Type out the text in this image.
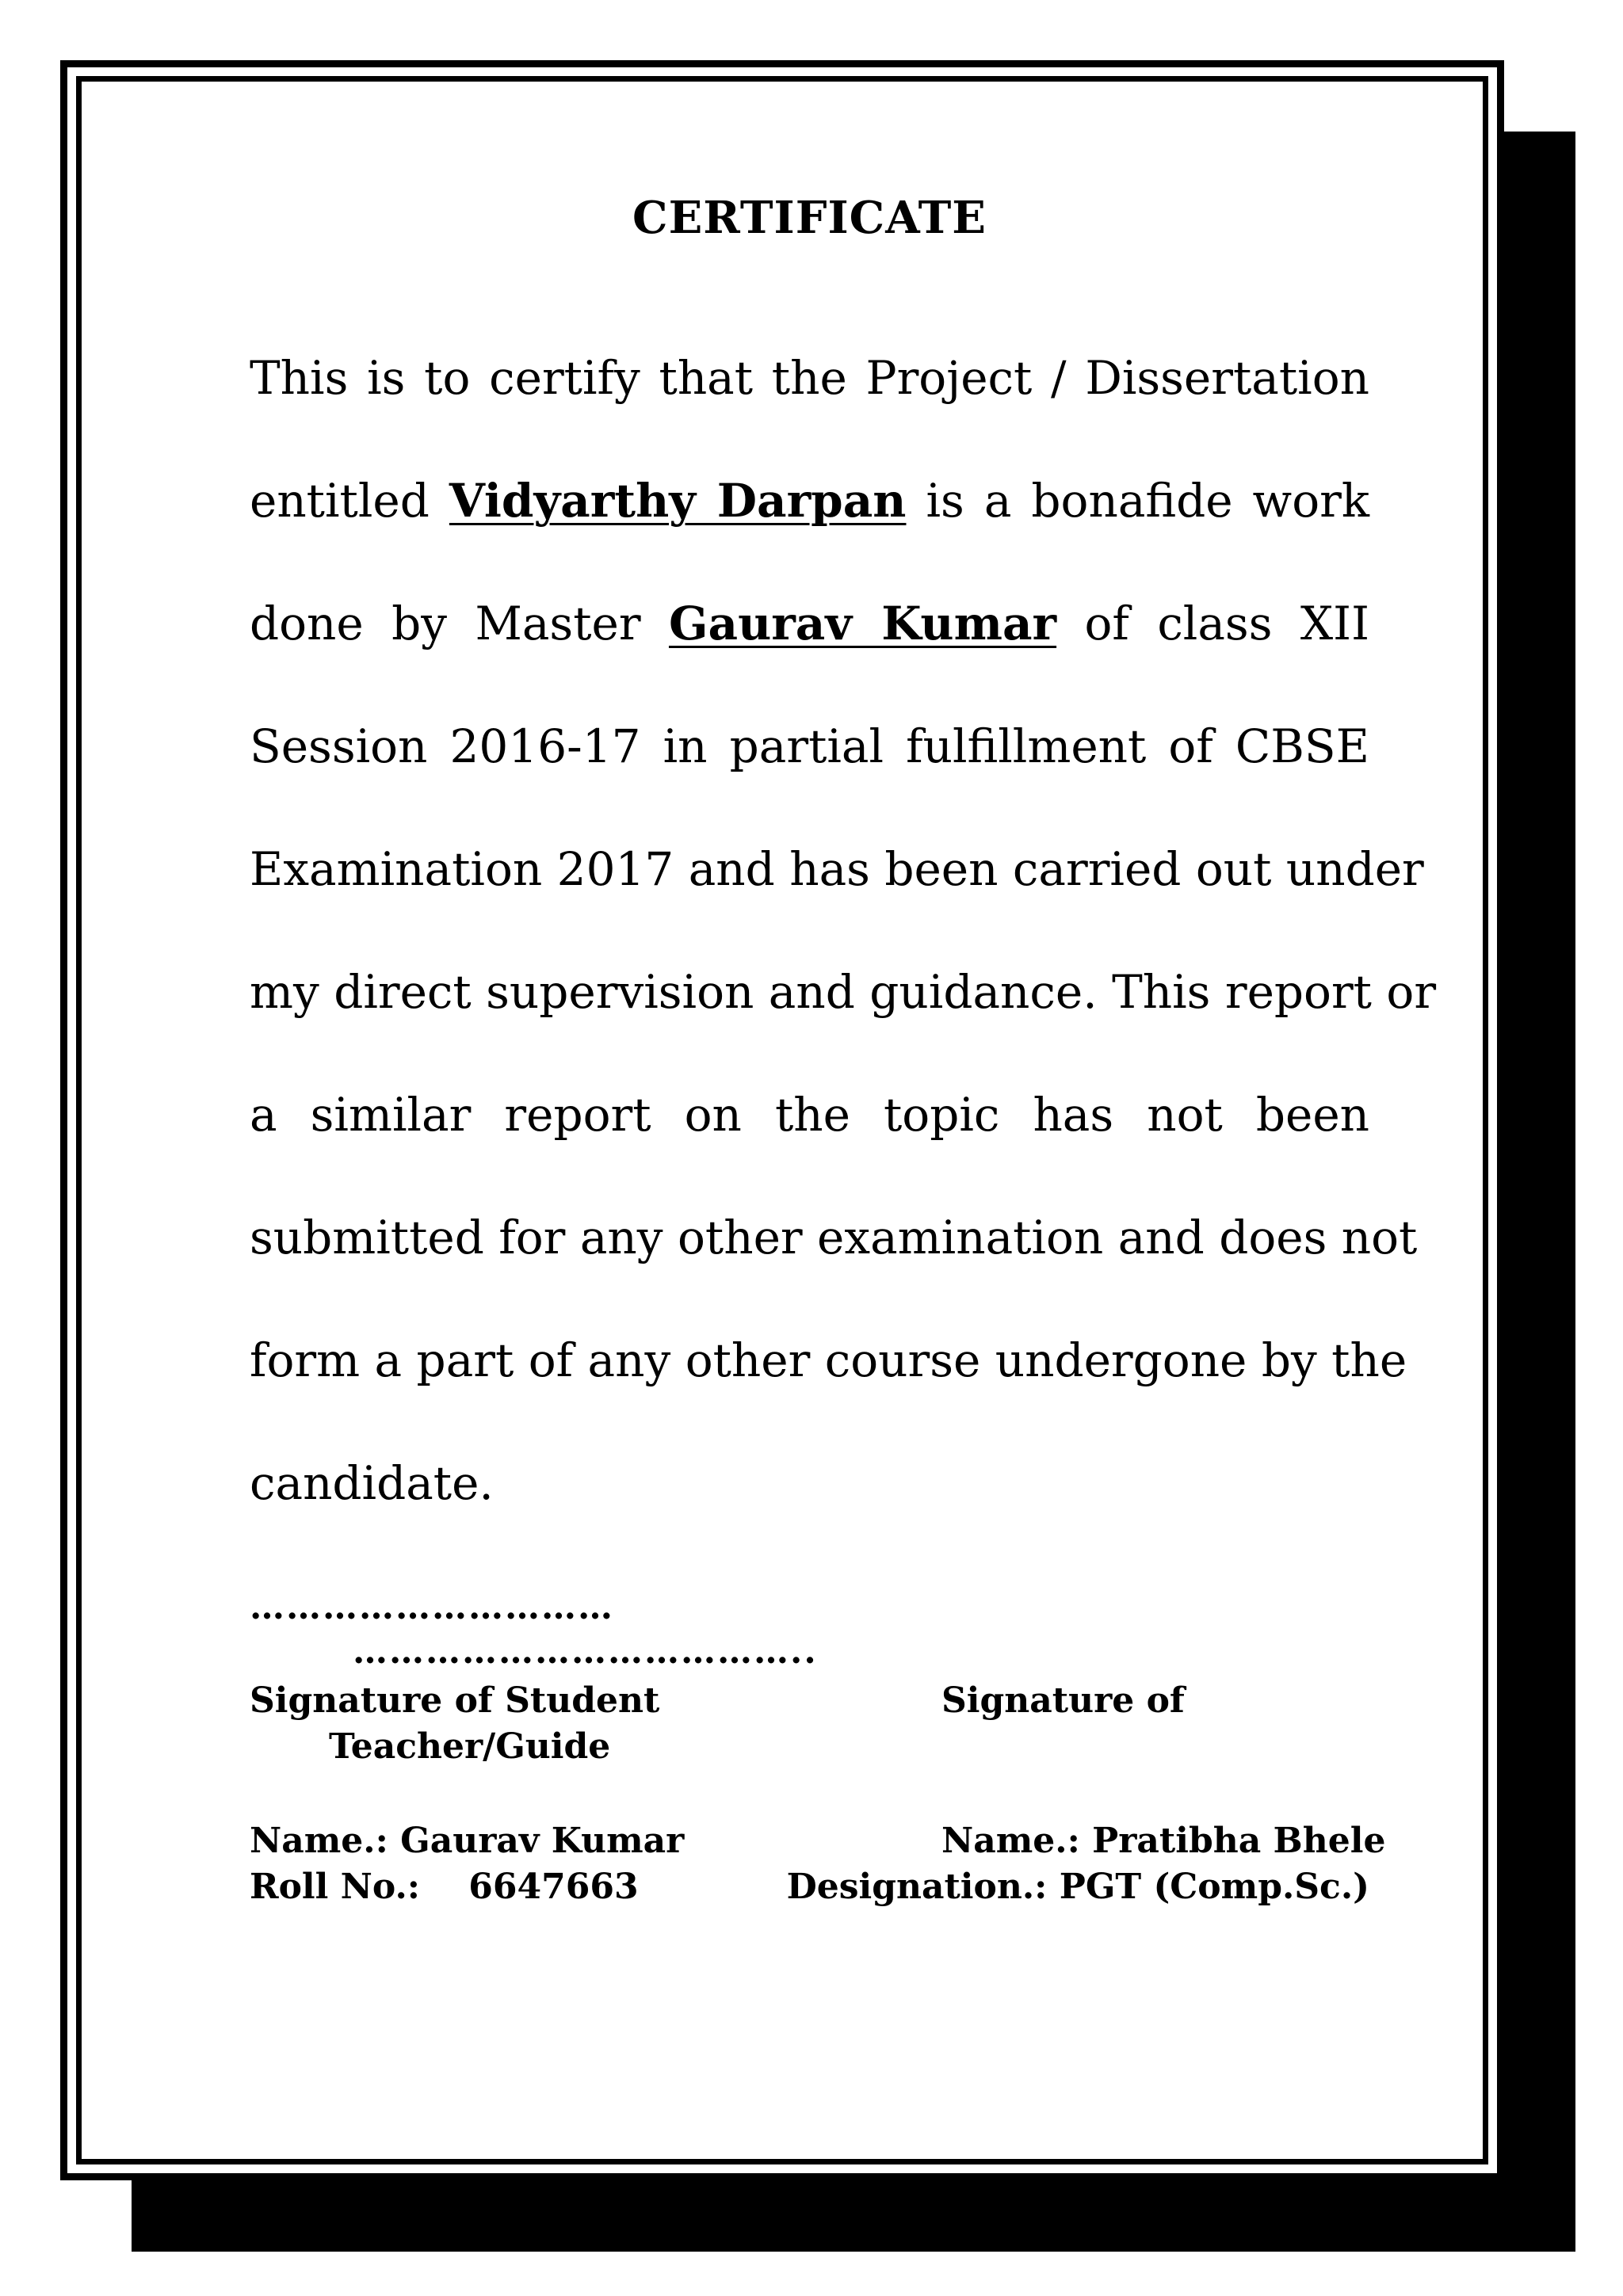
CERTIFICATE
This is to certify that the Project / Dissertation
entitled Vidyarthy Darpan is a bonafide work
done by Master Gaurav Kumar of class XII
Session 2016-17 in partial fulfillment of CBSE
Examination 2017 and has been carried out under
my direct supervision and guidance. This report or
a similar report on the topic has not been
submitted for any other examination and does not
form a part of any other course undergone by the
candidate.
…………………………
………………………………..
Signature of Student	Signature of
Teacher/Guide
Name.: Gaurav Kumar	Name.: Pratibha Bhele
Roll No.:    6647663	Designation.: PGT (Comp.Sc.)
